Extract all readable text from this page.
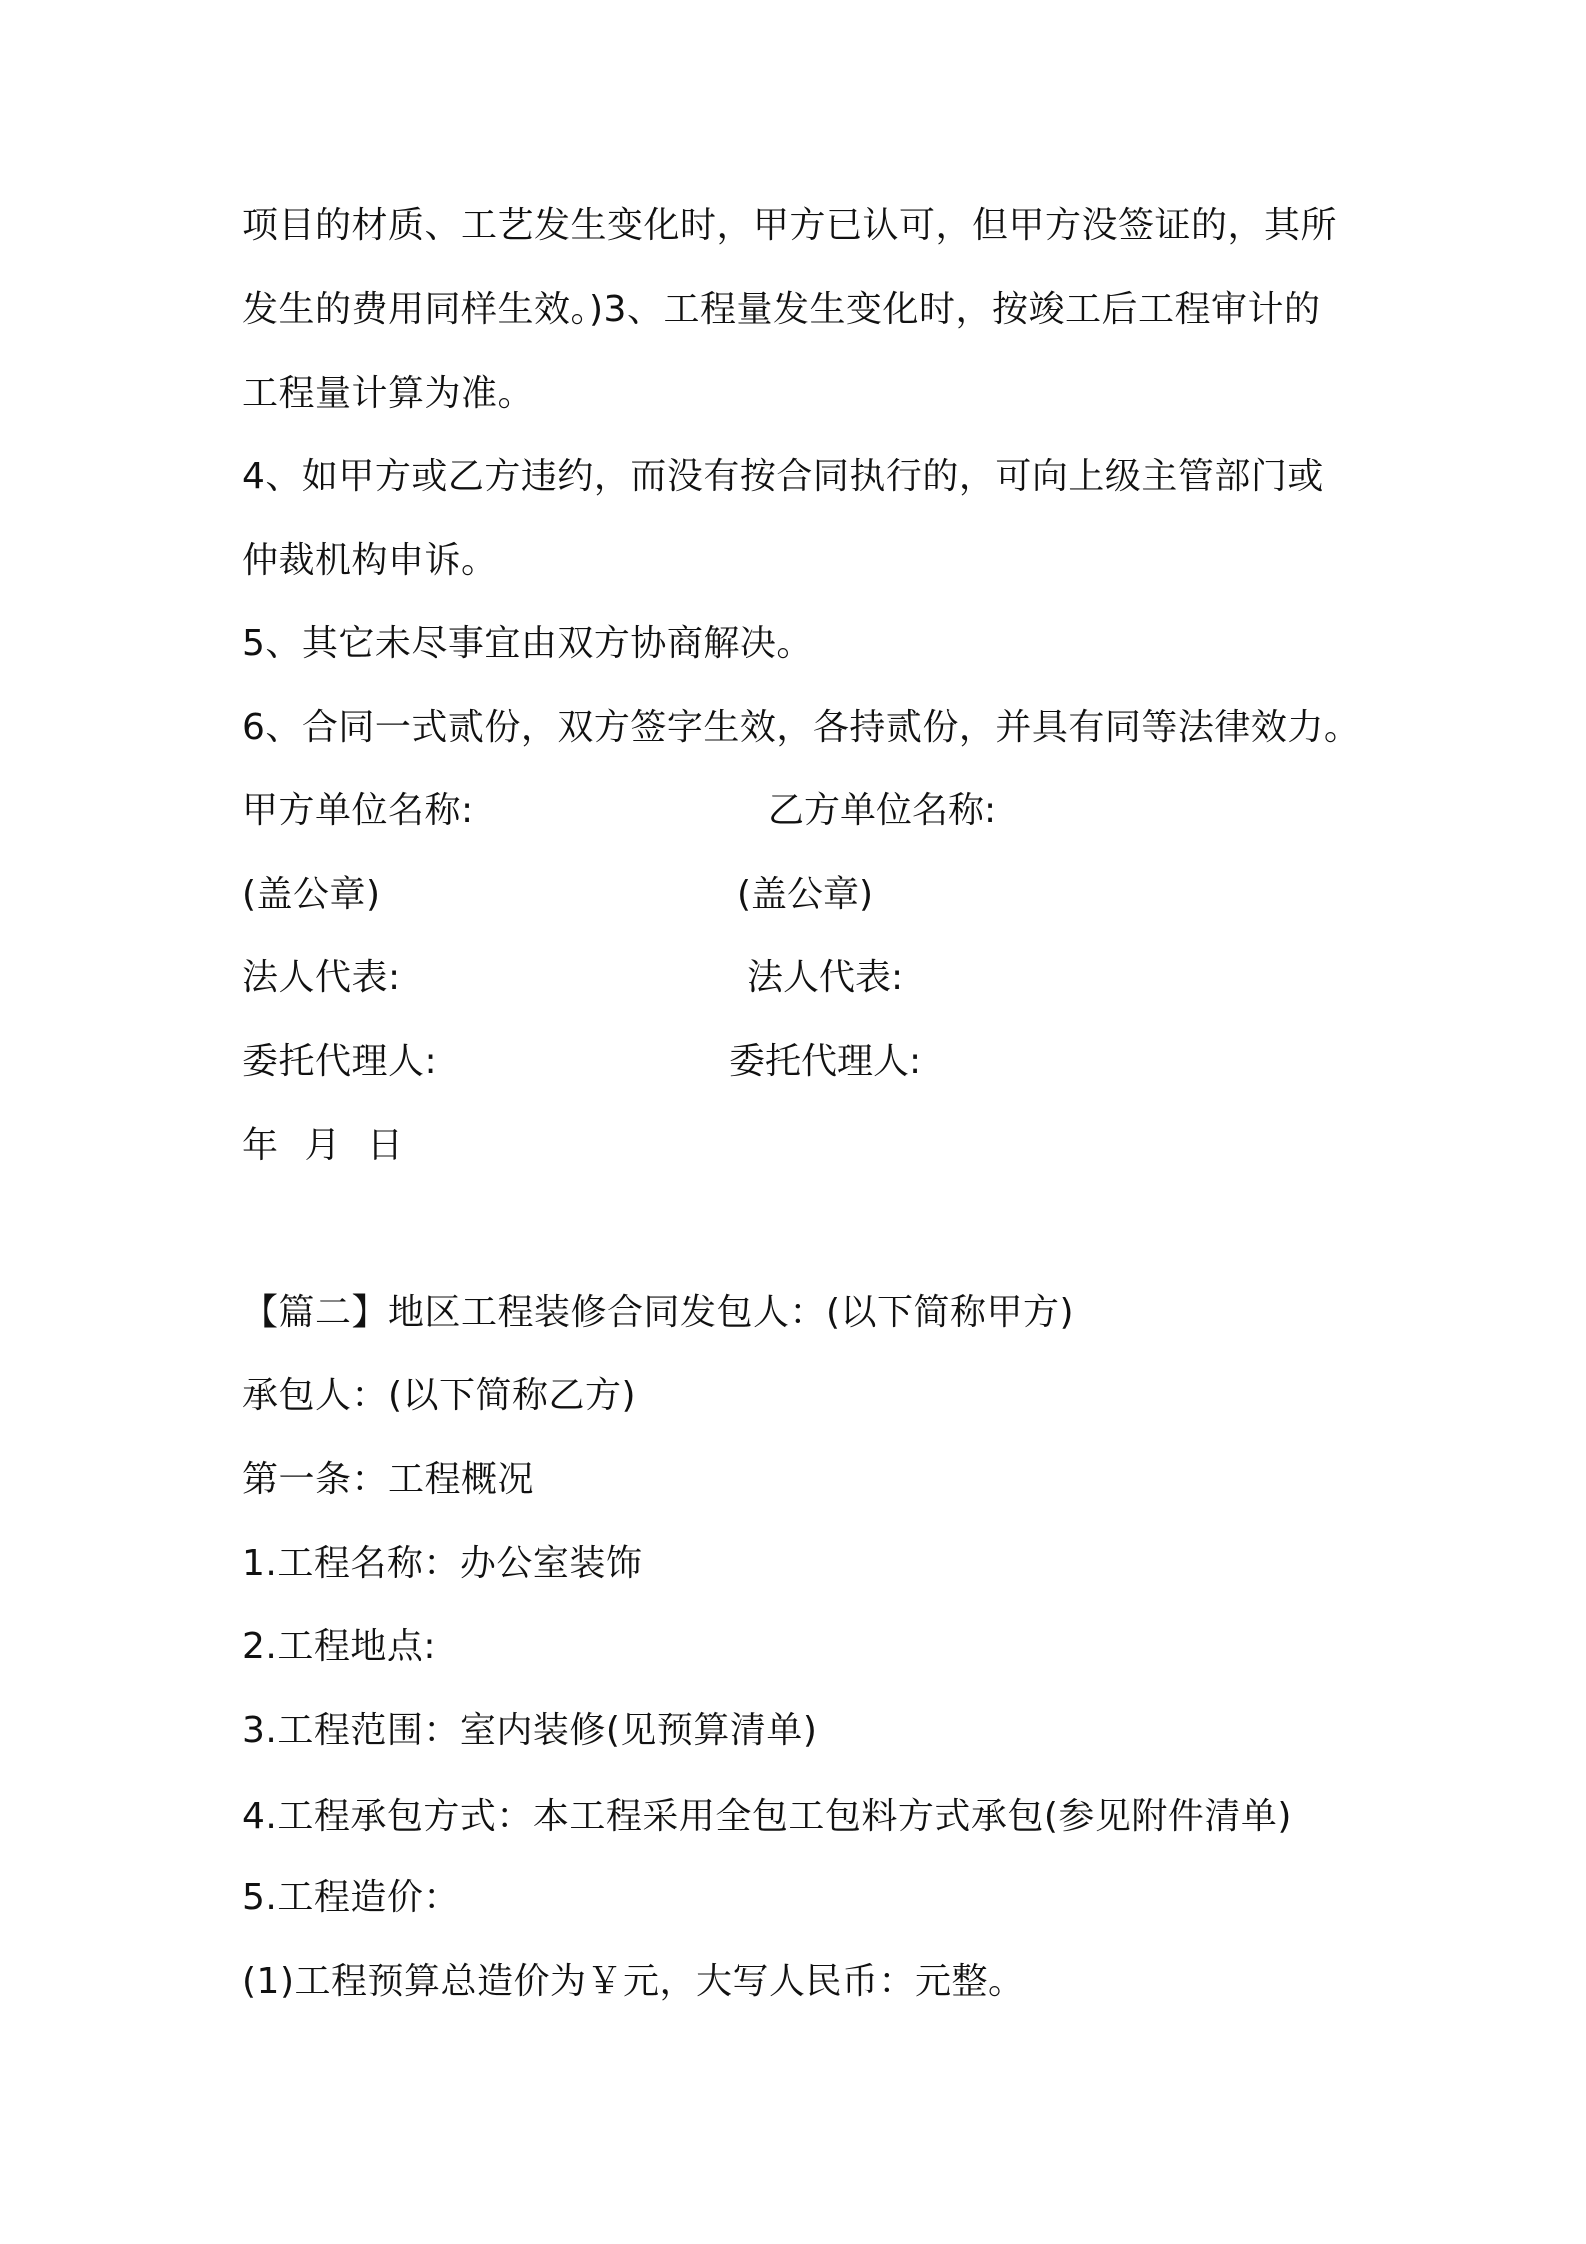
项目的材质、工艺发生变化时，甲方已认可，但甲方没签证的，其所
发生的费用同样生效。)3、工程量发生变化时，按竣工后工程审计的
工程量计算为准。
4、如甲方或乙方违约，而没有按合同执行的，可向上级主管部门或
仲裁机构申诉。
5、其它未尽事宜由双方协商解决。
6、合同一式贰份，双方签字生效，各持贰份，并具有同等法律效力。
甲方单位名称:	乙方单位名称:
(盖公章)	(盖公章)
法人代表:	法人代表:
委托代理人:	委托代理人:
年 月 日
【篇二】地区工程装修合同发包人：(以下简称甲方)
承包人：(以下简称乙方)
第一条：工程概况
1.工程名称：办公室装饰
2.工程地点:
3.工程范围：室内装修(见预算清单)
4.工程承包方式：本工程采用全包工包料方式承包(参见附件清单)
5.工程造价：
(1)工程预算总造价为￥元，大写人民币：元整。
